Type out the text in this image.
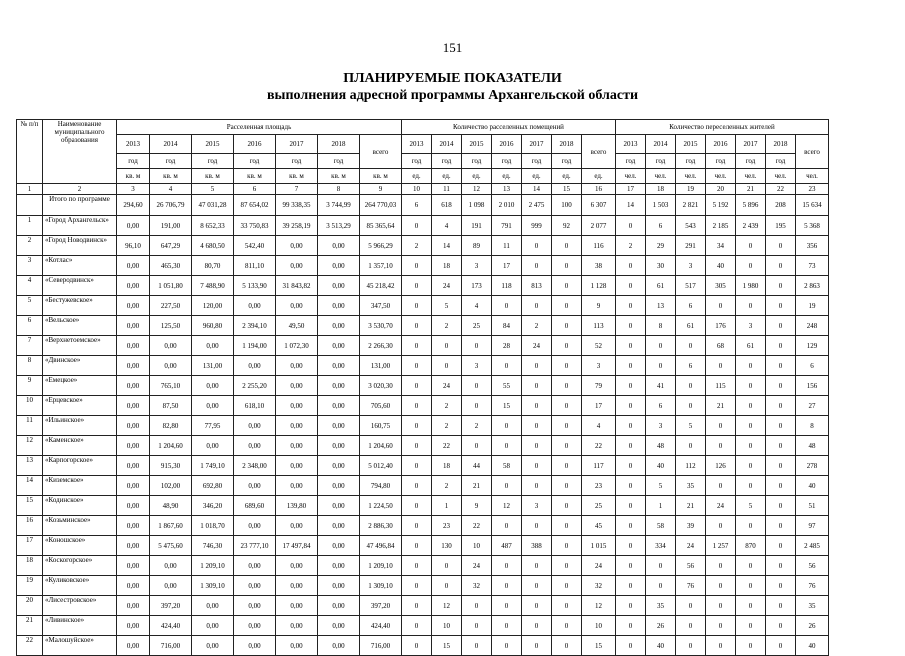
151
ПЛАНИРУЕМЫЕ ПОКАЗАТЕЛИ
выполнения адресной программы Архангельской области
№ п/п	Наименование муниципального образования	Расселенная площадь							Количество расселенных помещений							Количество переселенных жителей						
		2013	2014	2015	2016	2017	2018	всего	2013	2014	2015	2016	2017	2018	всего	2013	2014	2015	2016	2017	2018	всего
		год	год	год	год	год	год		год	год	год	год	год	год		год	год	год	год	год	год	
		кв. м	кв. м	кв. м	кв. м	кв. м	кв. м	кв. м	ед.	ед.	ед.	ед.	ед.	ед.	ед.	чел.	чел.	чел.	чел.	чел.	чел.	чел.
1	2	3	4	5	6	7	8	9	10	11	12	13	14	15	16	17	18	19	20	21	22	23
	Итого по программе	294,60	26 706,79	47 031,28	87 654,02	99 338,35	3 744,99	264 770,03	6	618	1 098	2 010	2 475	100	6 307	14	1 503	2 821	5 192	5 896	208	15 634
1	«Город Архангельск»	0,00	191,00	8 652,33	33 750,83	39 258,19	3 513,29	85 365,64	0	4	191	791	999	92	2 077	0	6	543	2 185	2 439	195	5 368
2	«Город Новодвинск»	96,10	647,29	4 680,50	542,40	0,00	0,00	5 966,29	2	14	89	11	0	0	116	2	29	291	34	0	0	356
3	«Котлас»	0,00	465,30	80,70	811,10	0,00	0,00	1 357,10	0	18	3	17	0	0	38	0	30	3	40	0	0	73
4	«Северодвинск»	0,00	1 051,80	7 488,90	5 133,90	31 843,82	0,00	45 218,42	0	24	173	118	813	0	1 128	0	61	517	305	1 980	0	2 863
5	«Бестужевское»	0,00	227,50	120,00	0,00	0,00	0,00	347,50	0	5	4	0	0	0	9	0	13	6	0	0	0	19
6	«Вельское»	0,00	125,50	960,80	2 394,10	49,50	0,00	3 530,70	0	2	25	84	2	0	113	0	8	61	176	3	0	248
7	«Верхнетоемское»	0,00	0,00	0,00	1 194,00	1 072,30	0,00	2 266,30	0	0	0	28	24	0	52	0	0	0	68	61	0	129
8	«Двинское»	0,00	0,00	131,00	0,00	0,00	0,00	131,00	0	0	3	0	0	0	3	0	0	6	0	0	0	6
9	«Емецкое»	0,00	765,10	0,00	2 255,20	0,00	0,00	3 020,30	0	24	0	55	0	0	79	0	41	0	115	0	0	156
10	«Ерцевское»	0,00	87,50	0,00	618,10	0,00	0,00	705,60	0	2	0	15	0	0	17	0	6	0	21	0	0	27
11	«Ильинское»	0,00	82,80	77,95	0,00	0,00	0,00	160,75	0	2	2	0	0	0	4	0	3	5	0	0	0	8
12	«Каменское»	0,00	1 204,60	0,00	0,00	0,00	0,00	1 204,60	0	22	0	0	0	0	22	0	48	0	0	0	0	48
13	«Карпогорское»	0,00	915,30	1 749,10	2 348,00	0,00	0,00	5 012,40	0	18	44	58	0	0	117	0	40	112	126	0	0	278
14	«Киземское»	0,00	102,00	692,80	0,00	0,00	0,00	794,80	0	2	21	0	0	0	23	0	5	35	0	0	0	40
15	«Кодинское»	0,00	48,90	346,20	689,60	139,80	0,00	1 224,50	0	1	9	12	3	0	25	0	1	21	24	5	0	51
16	«Козьминское»	0,00	1 867,60	1 018,70	0,00	0,00	0,00	2 886,30	0	23	22	0	0	0	45	0	58	39	0	0	0	97
17	«Коношское»	0,00	5 475,60	746,30	23 777,10	17 497,84	0,00	47 496,84	0	130	10	487	388	0	1 015	0	334	24	1 257	870	0	2 485
18	«Коскогорское»	0,00	0,00	1 209,10	0,00	0,00	0,00	1 209,10	0	0	24	0	0	0	24	0	0	56	0	0	0	56
19	«Куликовское»	0,00	0,00	1 309,10	0,00	0,00	0,00	1 309,10	0	0	32	0	0	0	32	0	0	76	0	0	0	76
20	«Лисестровское»	0,00	397,20	0,00	0,00	0,00	0,00	397,20	0	12	0	0	0	0	12	0	35	0	0	0	0	35
21	«Ливинское»	0,00	424,40	0,00	0,00	0,00	0,00	424,40	0	10	0	0	0	0	10	0	26	0	0	0	0	26
22	«Малошуйское»	0,00	716,00	0,00	0,00	0,00	0,00	716,00	0	15	0	0	0	0	15	0	40	0	0	0	0	40
